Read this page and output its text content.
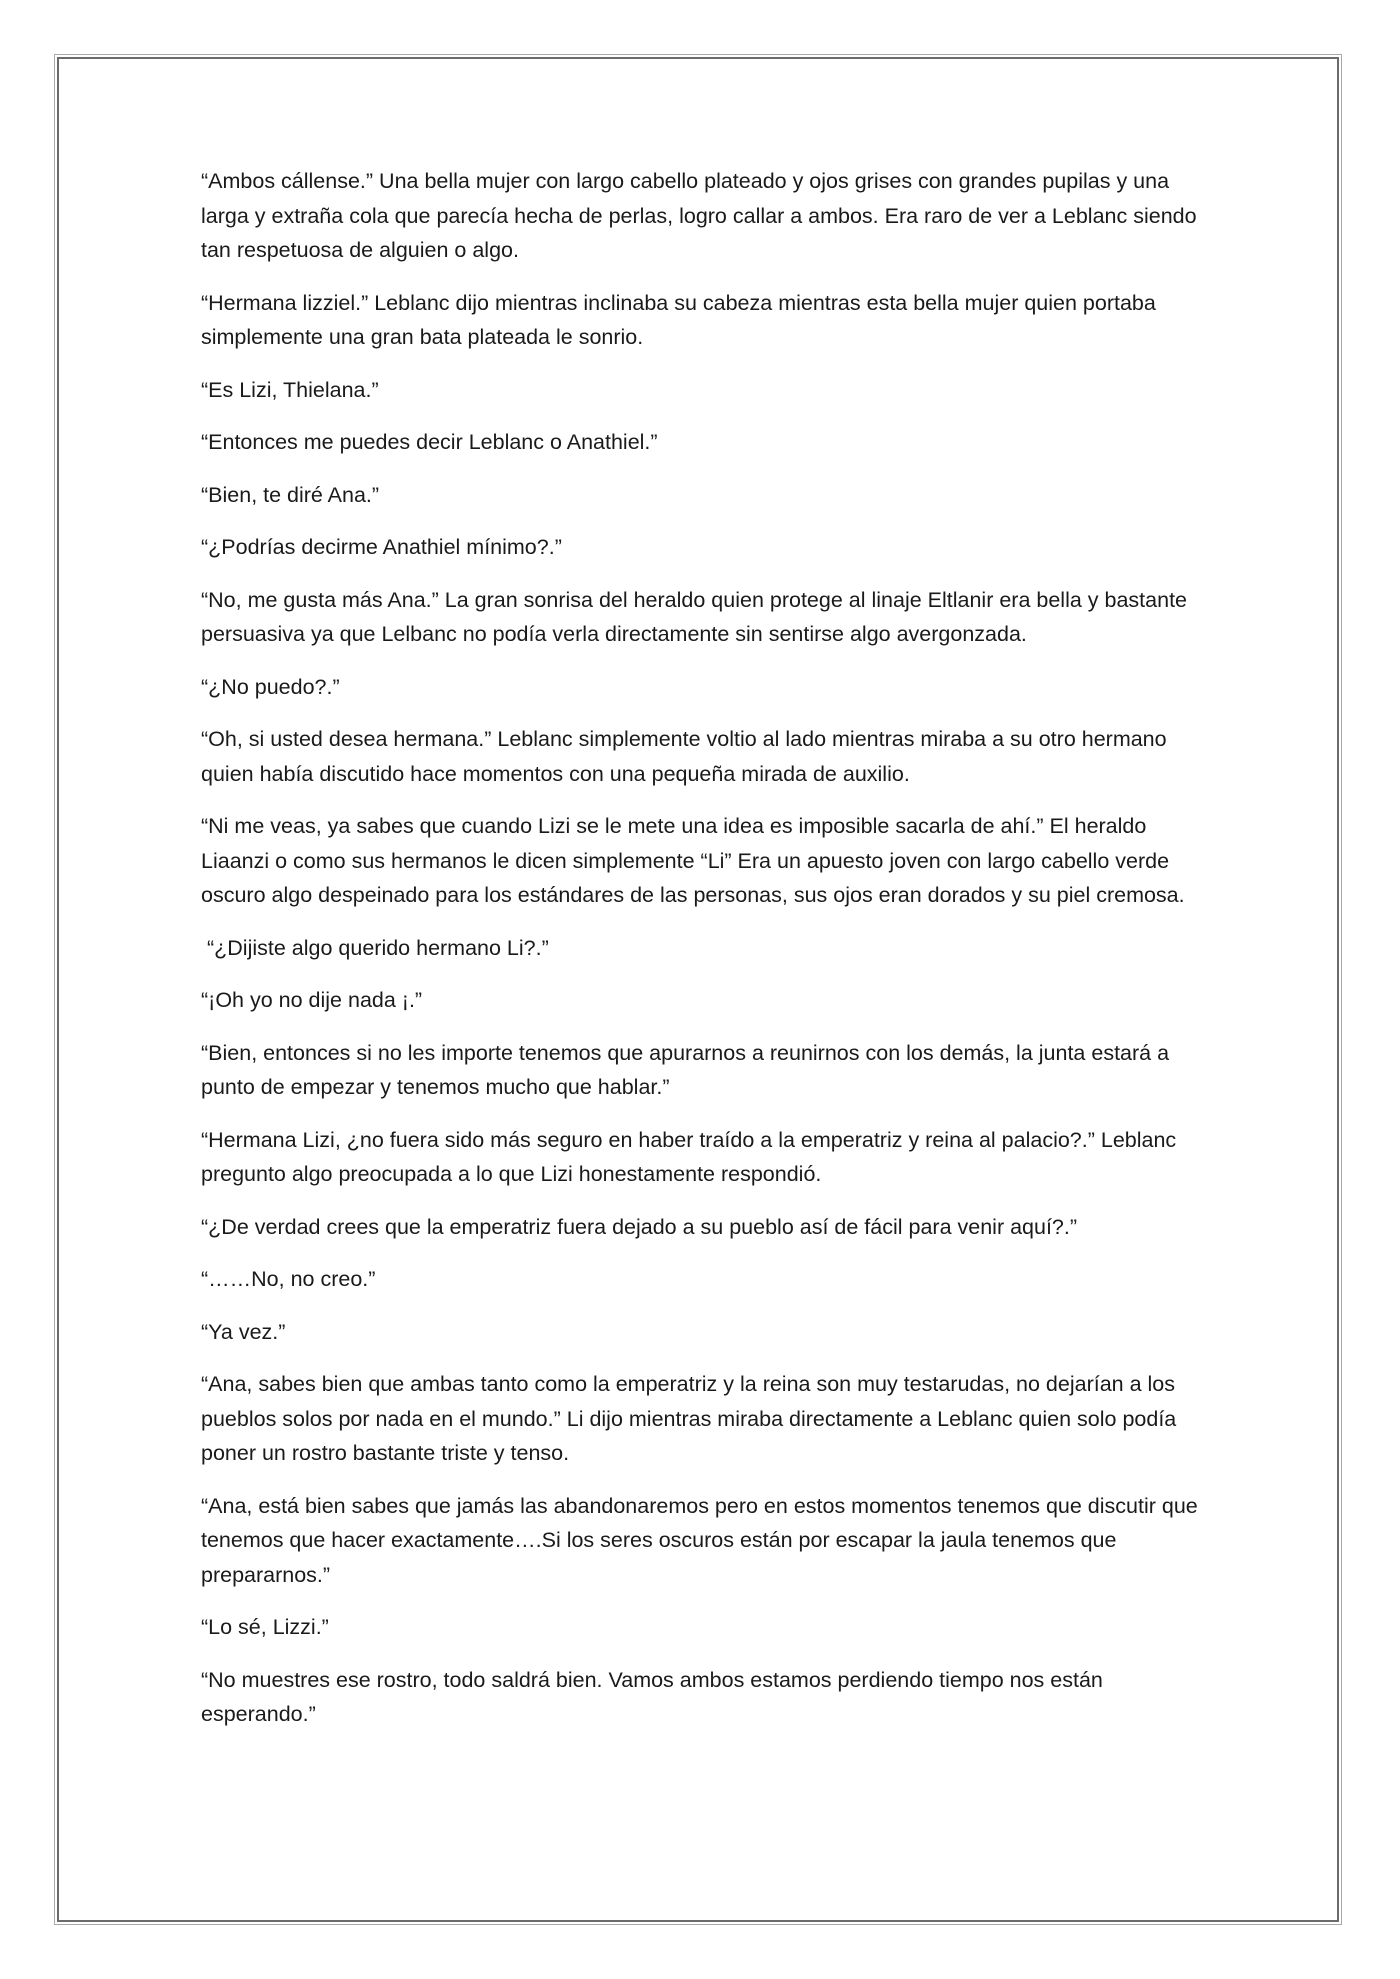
“Ambos cállense.” Una bella mujer con largo cabello plateado y ojos grises con grandes pupilas y una larga y extraña cola que parecía hecha de perlas, logro callar a ambos. Era raro de ver a Leblanc siendo tan respetuosa de alguien o algo.

“Hermana lizziel.” Leblanc dijo mientras inclinaba su cabeza mientras esta bella mujer quien portaba simplemente una gran bata plateada le sonrio.

“Es Lizi, Thielana.”

“Entonces me puedes decir Leblanc o Anathiel.”

“Bien, te diré Ana.”

“¿Podrías decirme Anathiel mínimo?.”

“No, me gusta más Ana.” La gran sonrisa del heraldo quien protege al linaje Eltlanir era bella y bastante persuasiva ya que Lelbanc no podía verla directamente sin sentirse algo avergonzada.

“¿No puedo?.”

“Oh, si usted desea hermana.” Leblanc simplemente voltio al lado mientras miraba a su otro hermano quien había discutido hace momentos con una pequeña mirada de auxilio.

“Ni me veas, ya sabes que cuando Lizi se le mete una idea es imposible sacarla de ahí.” El heraldo Liaanzi o como sus hermanos le dicen simplemente “Li” Era un apuesto joven con largo cabello verde oscuro algo despeinado para los estándares de las personas, sus ojos eran dorados y su piel cremosa.

“¿Dijiste algo querido hermano Li?.”

“¡Oh yo no dije nada ¡.”

“Bien, entonces si no les importe tenemos que apurarnos a reunirnos con los demás, la junta estará a punto de empezar y tenemos mucho que hablar.”

“Hermana Lizi, ¿no fuera sido más seguro en haber traído a la emperatriz y reina al palacio?.” Leblanc pregunto algo preocupada a lo que Lizi honestamente respondió.

“¿De verdad crees que la emperatriz fuera dejado a su pueblo así de fácil para venir aquí?.”

“……No, no creo.”

“Ya vez.”

“Ana, sabes bien que ambas tanto como la emperatriz y la reina son muy testarudas, no dejarían a los pueblos solos por nada en el mundo.” Li dijo mientras miraba directamente a Leblanc quien solo podía poner un rostro bastante triste y tenso.

“Ana, está bien sabes que jamás las abandonaremos pero en estos momentos tenemos que discutir que tenemos que hacer exactamente….Si los seres oscuros están por escapar la jaula tenemos que prepararnos.”

“Lo sé, Lizzi.”

“No muestres ese rostro, todo saldrá bien. Vamos ambos estamos perdiendo tiempo nos están esperando.”
